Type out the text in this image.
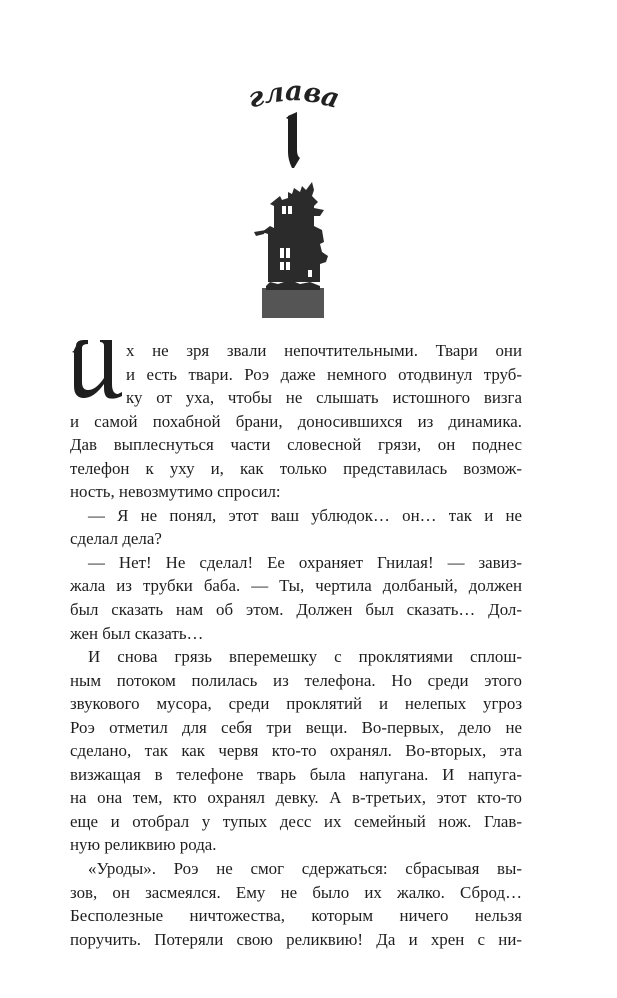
г
л а в
а
х не зря звали непочтительными. Твари они
и есть твари. Роэ даже немного отодвинул труб-
ку от уха, чтобы не слышать истошного визга
и самой похабной брани, доносившихся из динамика.
Дав выплеснуться части словесной грязи, он поднес
телефон к уху и, как только представилась возмож-
ность, невозмутимо спросил:
— Я не понял, этот ваш ублюдок… он… так и не
сделал дела?
— Нет! Не сделал! Ее охраняет Гнилая! — завиз-
жала из трубки баба. — Ты, чертила долбаный, должен
был сказать нам об этом. Должен был сказать… Дол-
жен был сказать…
И снова грязь вперемешку с проклятиями сплош-
ным потоком полилась из телефона. Но среди этого
звукового мусора, среди проклятий и нелепых угроз
Роэ отметил для себя три вещи. Во-первых, дело не
сделано, так как червя кто-то охранял. Во-вторых, эта
визжащая в телефоне тварь была напугана. И напуга-
на она тем, кто охранял девку. А в-третьих, этот кто-то
еще и отобрал у тупых десс их семейный нож. Глав-
ную реликвию рода.
«Уроды». Роэ не смог сдержаться: сбрасывая вы-
зов, он засмеялся. Ему не было их жалко. Сброд…
Бесполезные ничтожества, которым ничего нельзя
поручить. Потеряли свою реликвию! Да и хрен с ни-
